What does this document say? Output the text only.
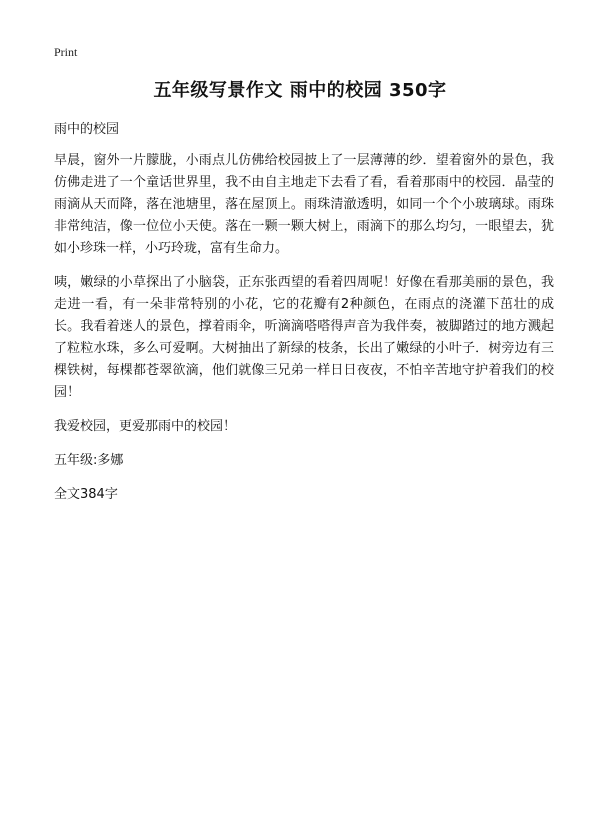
Print
五年级写景作文 雨中的校园 350字

雨中的校园

早晨，窗外一片朦胧，小雨点儿仿佛给校园披上了一层薄薄的纱．望着窗外的景色，我仿佛走进了一个童话世界里，我不由自主地走下去看了看，看着那雨中的校园．晶莹的雨滴从天而降，落在池塘里，落在屋顶上。雨珠清澈透明，如同一个个小玻璃球。雨珠非常纯洁，像一位位小天使。落在一颗一颗大树上，雨滴下的那么均匀，一眼望去，犹如小珍珠一样，小巧玲珑，富有生命力。

咦，嫩绿的小草探出了小脑袋，正东张西望的看着四周呢！好像在看那美丽的景色，我走进一看，有一朵非常特别的小花，它的花瓣有2种颜色，在雨点的浇灌下茁壮的成长。我看着迷人的景色，撑着雨伞，听滴滴嗒嗒得声音为我伴奏，被脚踏过的地方溅起了粒粒水珠，多么可爱啊。大树抽出了新绿的枝条，长出了嫩绿的小叶子．树旁边有三棵铁树，每棵都苍翠欲滴，他们就像三兄弟一样日日夜夜，不怕辛苦地守护着我们的校园！

我爱校园，更爱那雨中的校园！

五年级:多娜

全文384字
